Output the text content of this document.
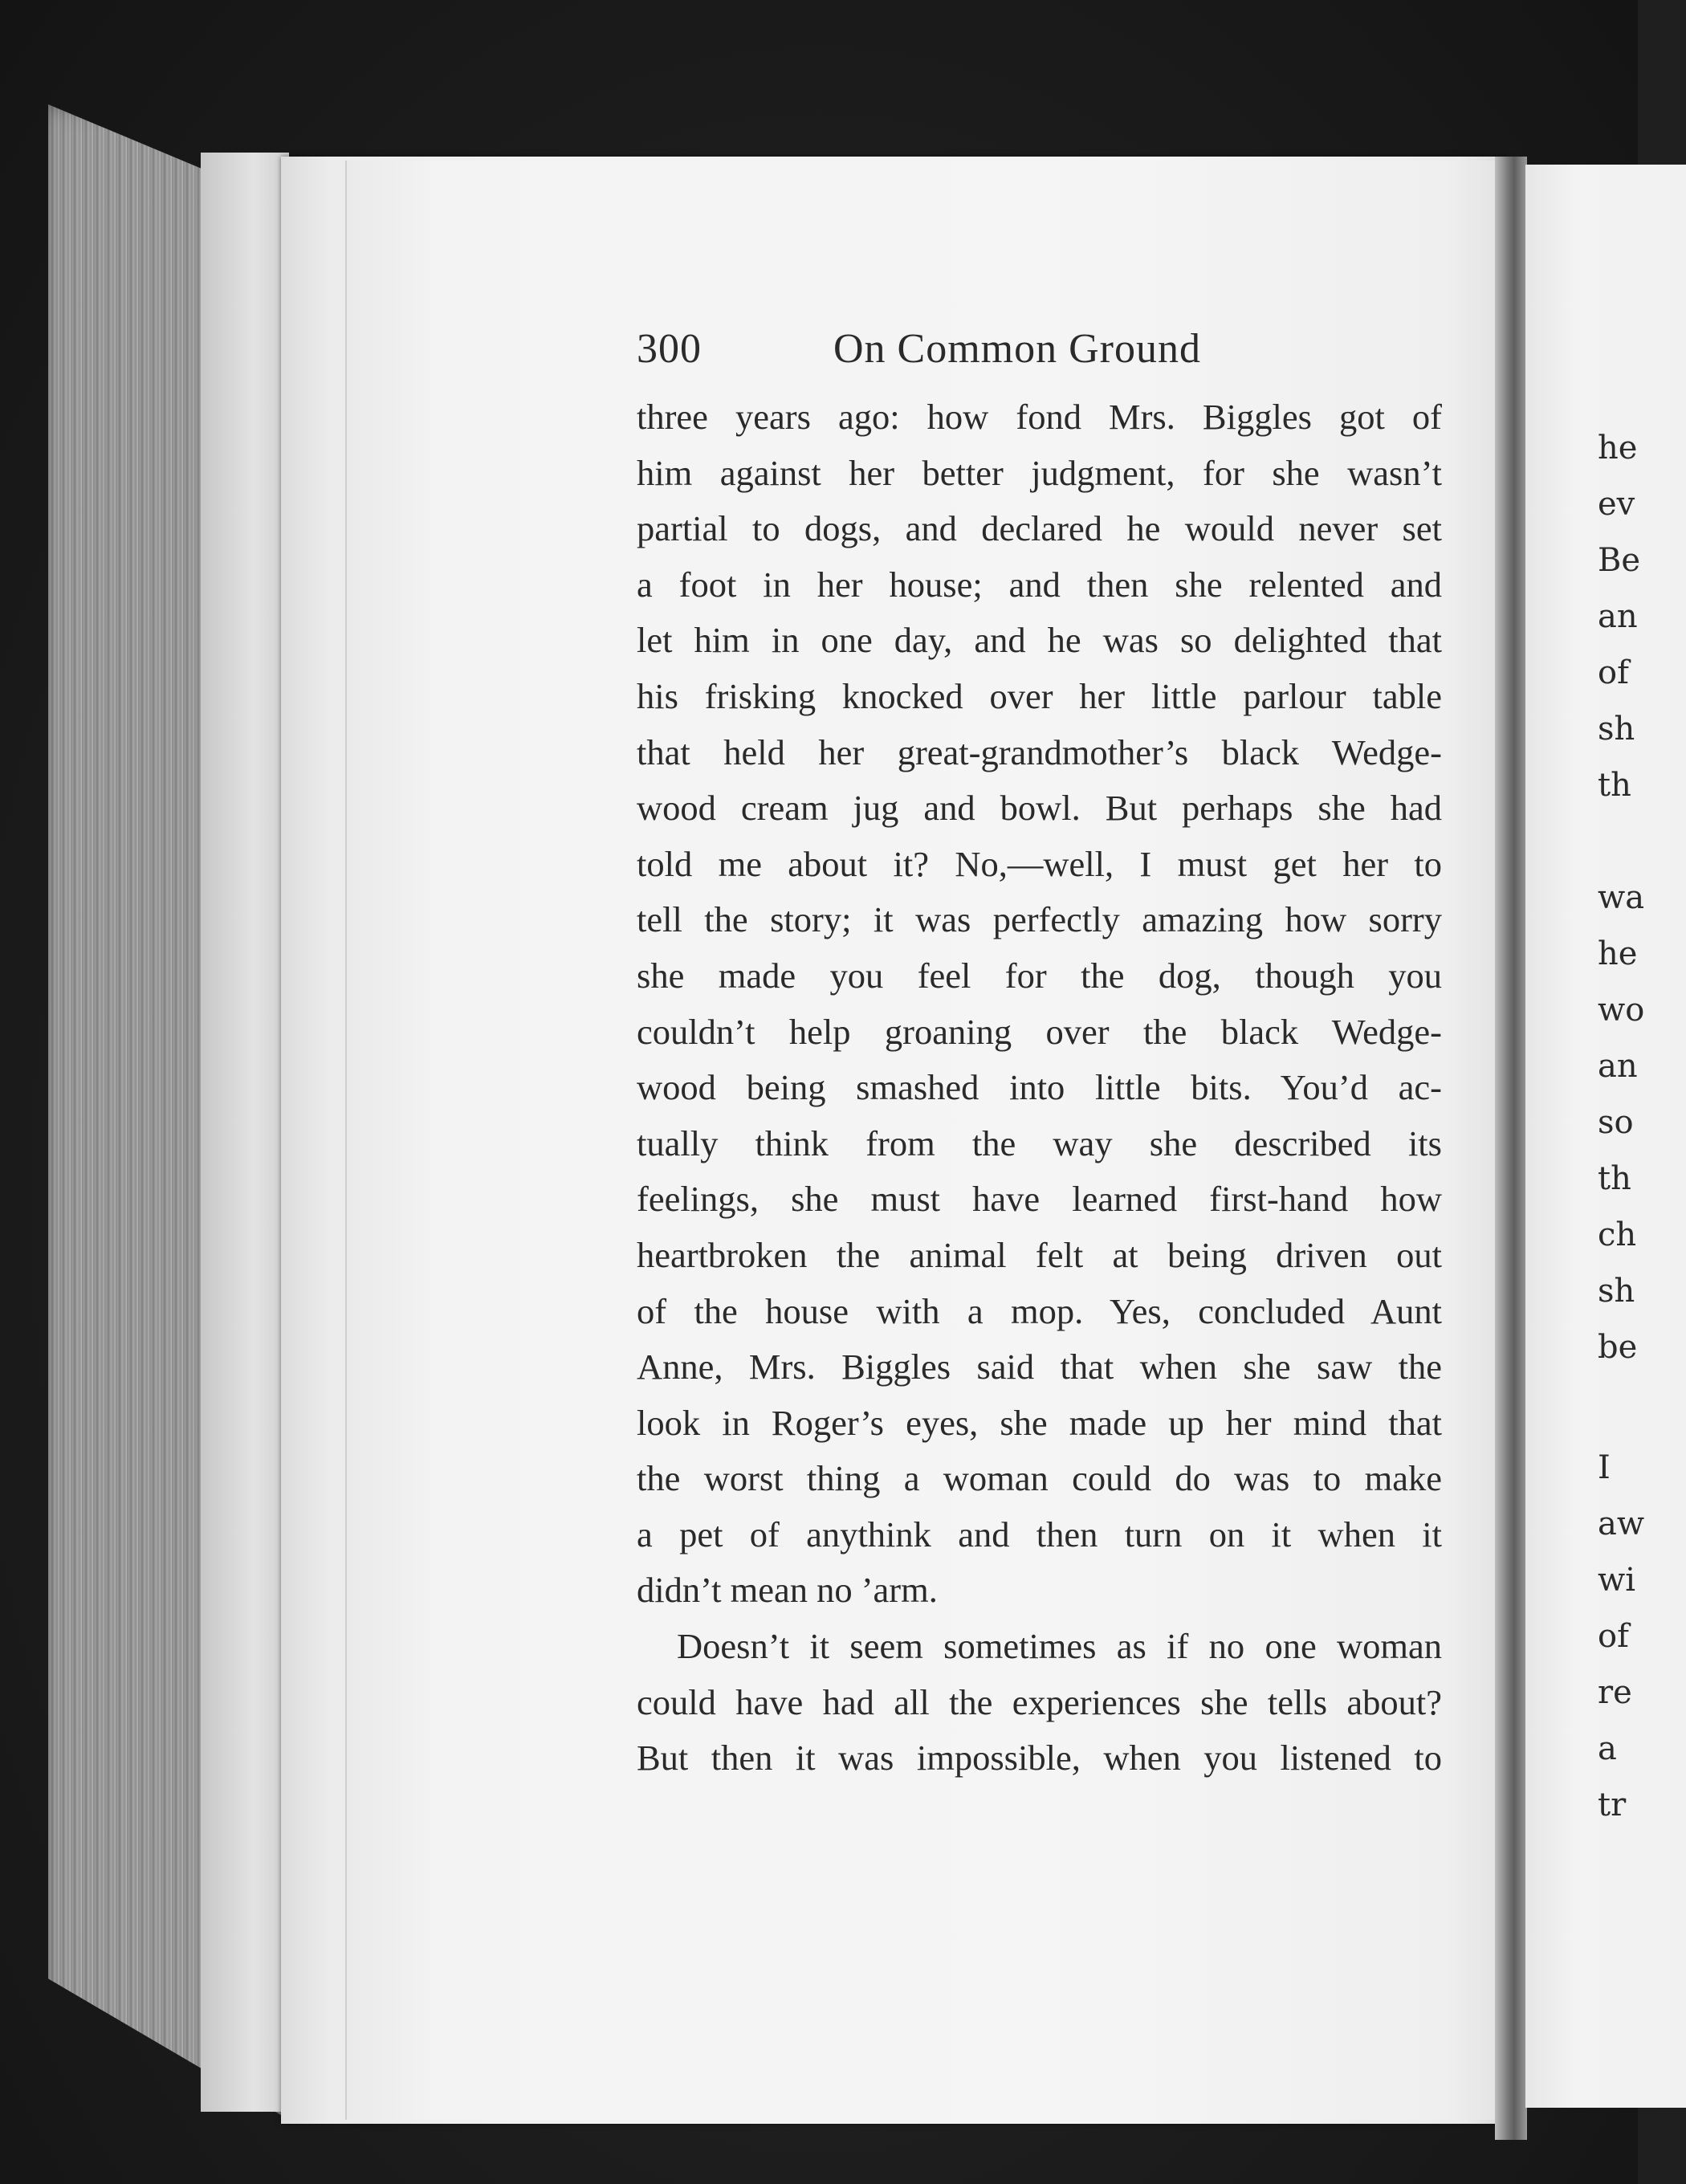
he
ev
Be
an
of
sh
th
wa
he
wo
an
so
th
ch
sh
be
I
aw
wi
of
re
a
tr
300	On Common Ground
three years ago: how fond Mrs. Biggles got of
him against her better judgment, for she wasn’t
partial to dogs, and declared he would never set
a foot in her house; and then she relented and
let him in one day, and he was so delighted that
his frisking knocked over her little parlour table
that held her great-grandmother’s black Wedge-
wood cream jug and bowl. But perhaps she had
told me about it? No,—well, I must get her to
tell the story; it was perfectly amazing how sorry
she made you feel for the dog, though you
couldn’t help groaning over the black Wedge-
wood being smashed into little bits. You’d ac-
tually think from the way she described its
feelings, she must have learned first-hand how
heartbroken the animal felt at being driven out
of the house with a mop. Yes, concluded Aunt
Anne, Mrs. Biggles said that when she saw the
look in Roger’s eyes, she made up her mind that
the worst thing a woman could do was to make
a pet of anythink and then turn on it when it
didn’t mean no ’arm.
Doesn’t it seem sometimes as if no one woman
could have had all the experiences she tells about?
But then it was impossible, when you listened to
